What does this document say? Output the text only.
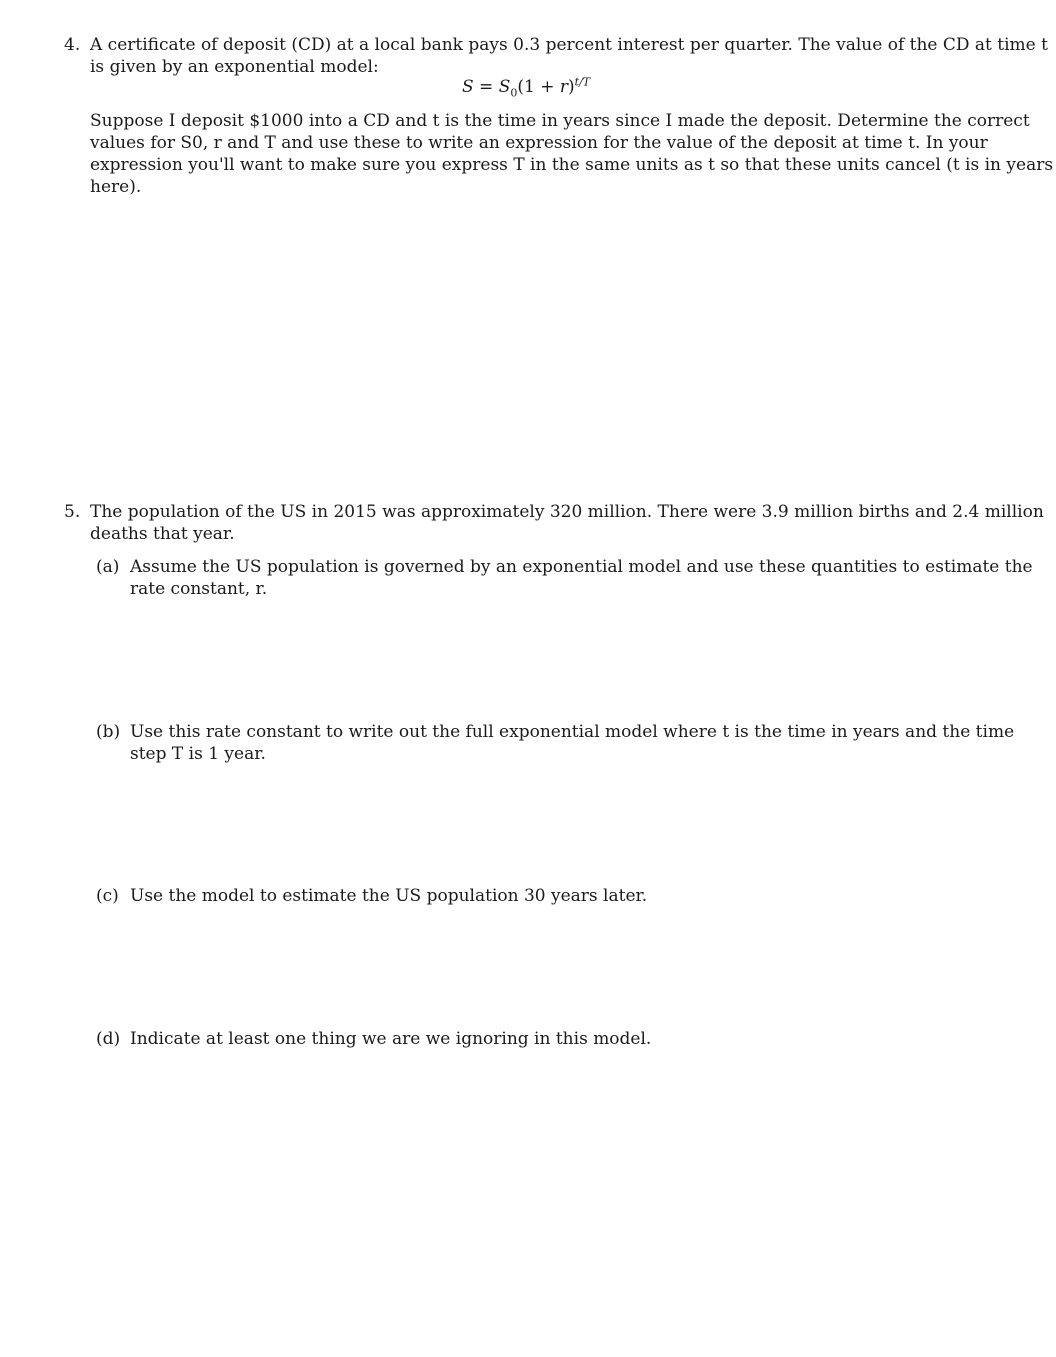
4. A certificate of deposit (CD) at a local bank pays 0.3 percent interest per quarter. The value of the CD at time t
is given by an exponential model:
$S = S_0(1 + r)^{t/T}$
Suppose I deposit $1000 into a CD and t is the time in years since I made the deposit. Determine the correct
values for S0, r and T and use these to write an expression for the value of the deposit at time t. In your
expression you'll want to make sure you express T in the same units as t so that these units cancel (t is in years
here).
5. The population of the US in 2015 was approximately 320 million. There were 3.9 million births and 2.4 million
deaths that year.
(a) Assume the US population is governed by an exponential model and use these quantities to estimate the
rate constant, r.
(b) Use this rate constant to write out the full exponential model where t is the time in years and the time
step T is 1 year.
(c) Use the model to estimate the US population 30 years later.
(d) Indicate at least one thing we are we ignoring in this model.
